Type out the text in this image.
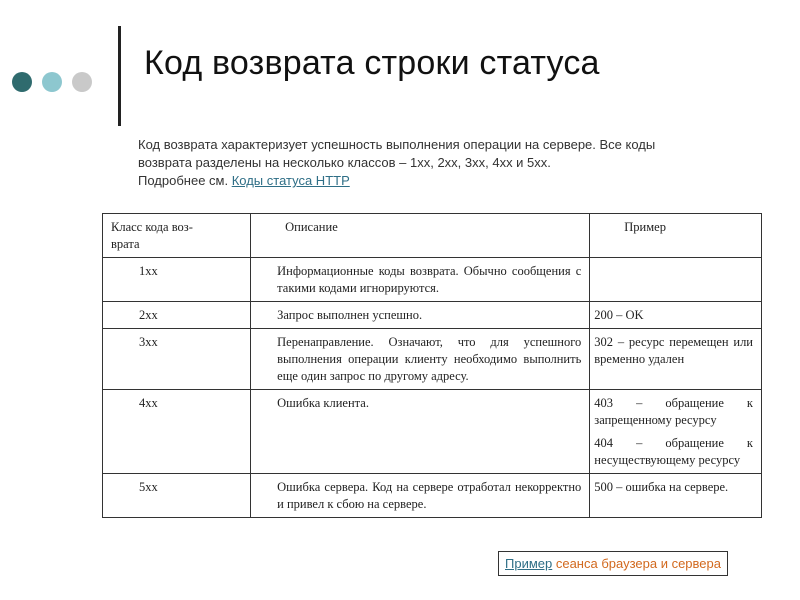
Код возврата строки статуса
Код возврата характеризует успешность выполнения операции на сервере. Все коды
возврата разделены на несколько классов – 1xx, 2xx, 3xx, 4xx и 5xx.
Подробнее см. Коды статуса HTTP
Класс кода воз-
врата	Описание	Пример

1xx	Информационные коды возврата. Обычно сообщения с такими кодами игнорируются.	

2xx	Запрос выполнен успешно.	200 – OK

3xx	Перенаправление. Означают, что для успешного выполнения операции клиенту необходимо выполнить еще один запрос по другому адресу.	302 – ресурс перемещен или временно удален

4xx	Ошибка клиента.	403 – обращение к запрещенному ресурсу
404 – обращение к несуществующему ресурсу

5xx	Ошибка сервера. Код на сервере отработал некорректно и привел к сбою на сервере.	500 – ошибка на сервере.
Пример сеанса браузера и сервера
